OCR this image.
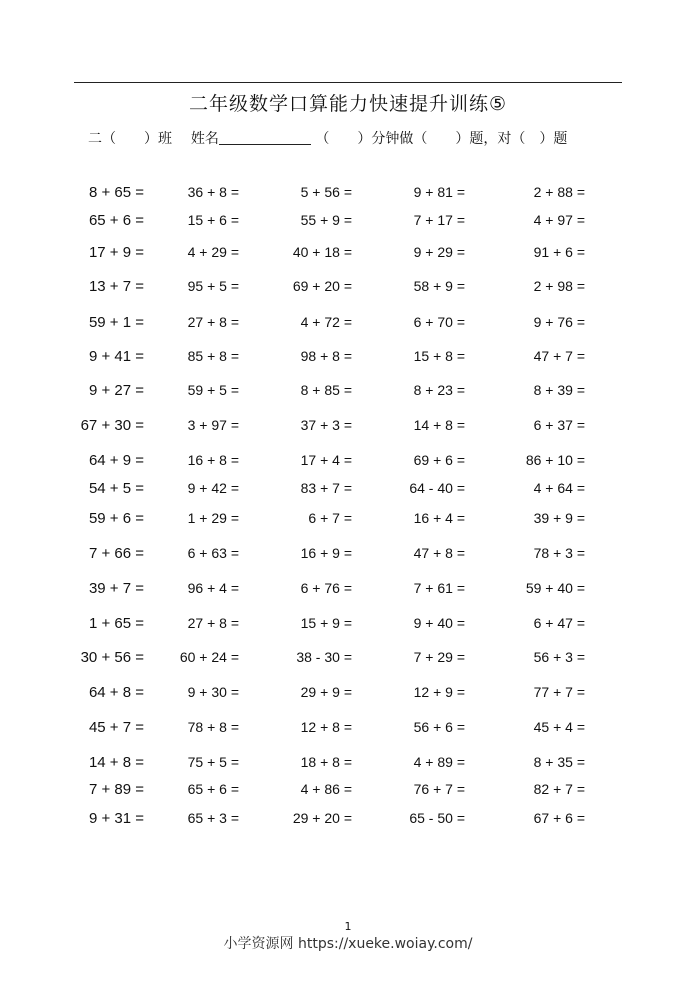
二年级数学口算能力快速提升训练⑤
二（　　）班 姓名	（　　）分钟做（　　）题，对（　）题
8 + 65 =	36 + 8 =	5 + 56 =	9 + 81 =	2 + 88 =
65 + 6 =	15 + 6 =	55 + 9 =	7 + 17 =	4 + 97 =
17 + 9 =	4 + 29 =	40 + 18 =	9 + 29 =	91 + 6 =
13 + 7 =	95 + 5 =	69 + 20 =	58 + 9 =	2 + 98 =
59 + 1 =	27 + 8 =	4 + 72 =	6 + 70 =	9 + 76 =
9 + 41 =	85 + 8 =	98 + 8 =	15 + 8 =	47 + 7 =
9 + 27 =	59 + 5 =	8 + 85 =	8 + 23 =	8 + 39 =
67 + 30 =	3 + 97 =	37 + 3 =	14 + 8 =	6 + 37 =
64 + 9 =	16 + 8 =	17 + 4 =	69 + 6 =	86 + 10 =
54 + 5 =	9 + 42 =	83 + 7 =	64 - 40 =	4 + 64 =
59 + 6 =	1 + 29 =	6 + 7 =	16 + 4 =	39 + 9 =
7 + 66 =	6 + 63 =	16 + 9 =	47 + 8 =	78 + 3 =
39 + 7 =	96 + 4 =	6 + 76 =	7 + 61 =	59 + 40 =
1 + 65 =	27 + 8 =	15 + 9 =	9 + 40 =	6 + 47 =
30 + 56 =	60 + 24 =	38 - 30 =	7 + 29 =	56 + 3 =
64 + 8 =	9 + 30 =	29 + 9 =	12 + 9 =	77 + 7 =
45 + 7 =	78 + 8 =	12 + 8 =	56 + 6 =	45 + 4 =
14 + 8 =	75 + 5 =	18 + 8 =	4 + 89 =	8 + 35 =
7 + 89 =	65 + 6 =	4 + 86 =	76 + 7 =	82 + 7 =
9 + 31 =	65 + 3 =	29 + 20 =	65 - 50 =	67 + 6 =
1
小学资源网 https://xueke.woiay.com/
